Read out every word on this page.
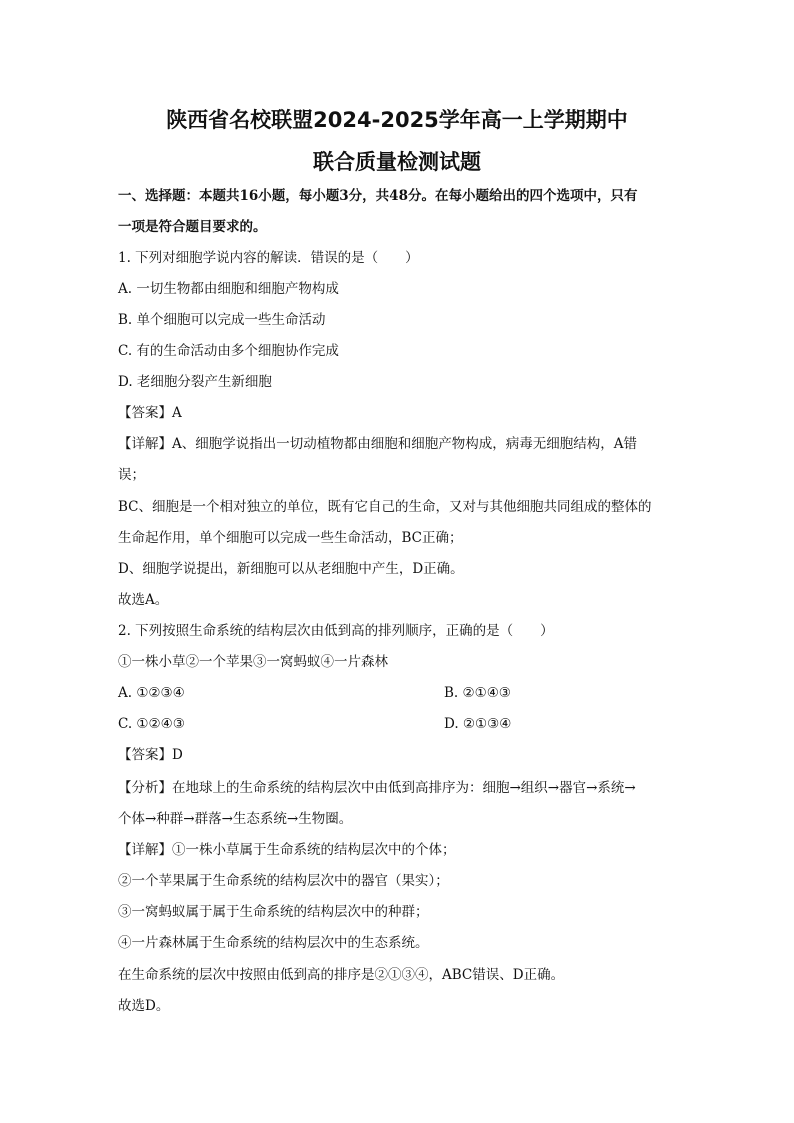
陕西省名校联盟2024-2025学年高一上学期期中
联合质量检测试题
一、选择题：本题共16小题，每小题3分，共48分。在每小题给出的四个选项中，只有
一项是符合题目要求的。
1. 下列对细胞学说内容的解读．错误的是（　　）
A. 一切生物都由细胞和细胞产物构成
B. 单个细胞可以完成一些生命活动
C. 有的生命活动由多个细胞协作完成
D. 老细胞分裂产生新细胞
【答案】A
【详解】A、细胞学说指出一切动植物都由细胞和细胞产物构成，病毒无细胞结构，A错
误；
BC、细胞是一个相对独立的单位，既有它自己的生命，又对与其他细胞共同组成的整体的
生命起作用，单个细胞可以完成一些生命活动，BC正确；
D、细胞学说提出，新细胞可以从老细胞中产生，D正确。
故选A。
2. 下列按照生命系统的结构层次由低到高的排列顺序，正确的是（　　）
①一株小草②一个苹果③一窝蚂蚁④一片森林
A. ①②③④	B. ②①④③
C. ①②④③	D. ②①③④
【答案】D
【分析】在地球上的生命系统的结构层次中由低到高排序为：细胞→组织→器官→系统→
个体→种群→群落→生态系统→生物圈。
【详解】①一株小草属于生命系统的结构层次中的个体；
②一个苹果属于生命系统的结构层次中的器官（果实）；
③一窝蚂蚁属于属于生命系统的结构层次中的种群；
④一片森林属于生命系统的结构层次中的生态系统。
在生命系统的层次中按照由低到高的排序是②①③④，ABC错误、D正确。
故选D。
